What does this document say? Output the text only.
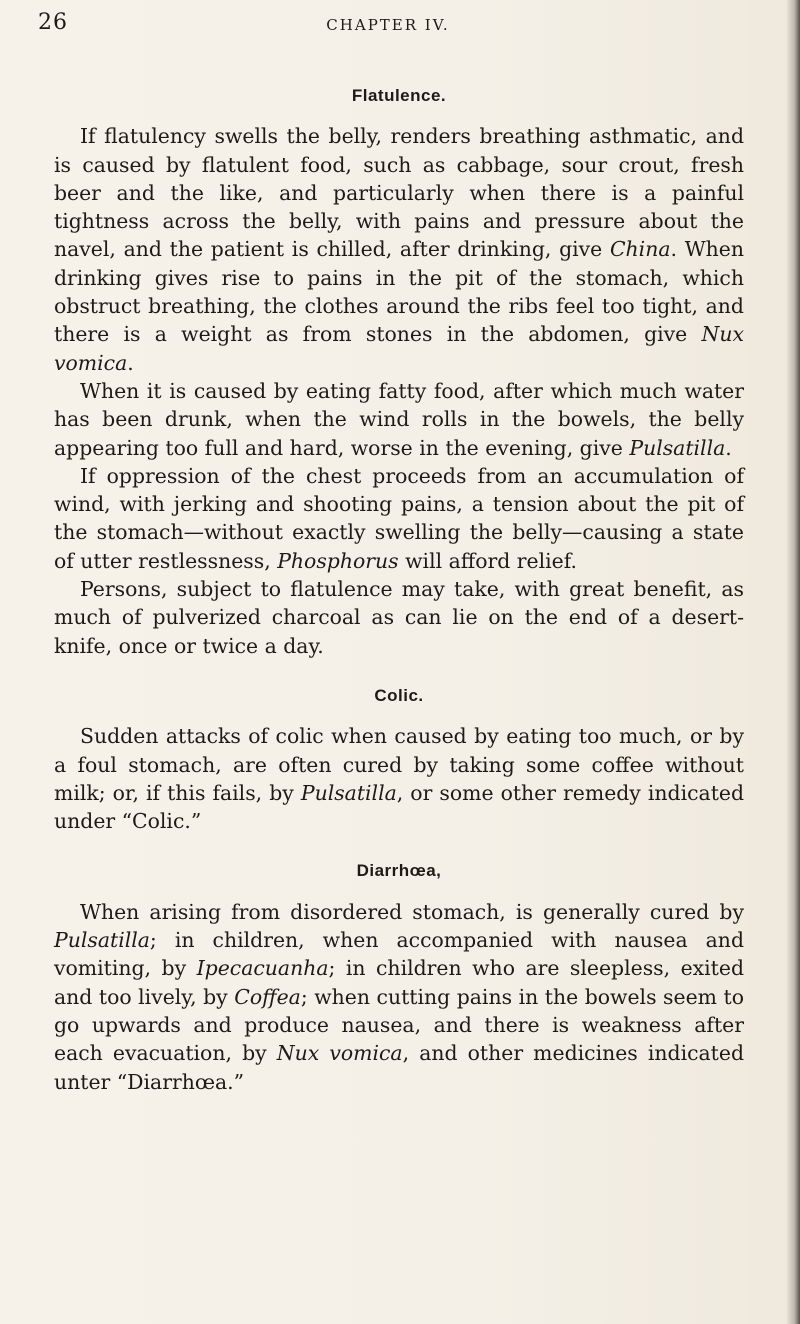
26	CHAPTER IV.
Flatulence.

If flatulency swells the belly, renders breathing asthmatic, and is caused by flatulent food, such as cabbage, sour crout, fresh beer and the like, and particularly when there is a painful tightness across the belly, with pains and pressure about the navel, and the patient is chilled, after drinking, give China. When drinking gives rise to pains in the pit of the stomach, which obstruct breathing, the clothes around the ribs feel too tight, and there is a weight as from stones in the abdomen, give Nux vomica.

When it is caused by eating fatty food, after which much water has been drunk, when the wind rolls in the bowels, the belly appearing too full and hard, worse in the evening, give Pulsatilla.

If oppression of the chest proceeds from an accumulation of wind, with jerking and shooting pains, a tension about the pit of the stomach—without exactly swelling the belly—causing a state of utter restlessness, Phosphorus will afford relief.

Persons, subject to flatulence may take, with great benefit, as much of pulverized charcoal as can lie on the end of a desert-knife, once or twice a day.

Colic.

Sudden attacks of colic when caused by eating too much, or by a foul stomach, are often cured by taking some coffee without milk; or, if this fails, by Pulsatilla, or some other remedy indicated under “Colic.”

Diarrhœa,

When arising from disordered stomach, is generally cured by Pulsatilla; in children, when accompanied with nausea and vomiting, by Ipecacuanha; in children who are sleepless, exited and too lively, by Coffea; when cutting pains in the bowels seem to go upwards and produce nausea, and there is weakness after each evacuation, by Nux vomica, and other medicines indicated unter “Diarrhœa.”
